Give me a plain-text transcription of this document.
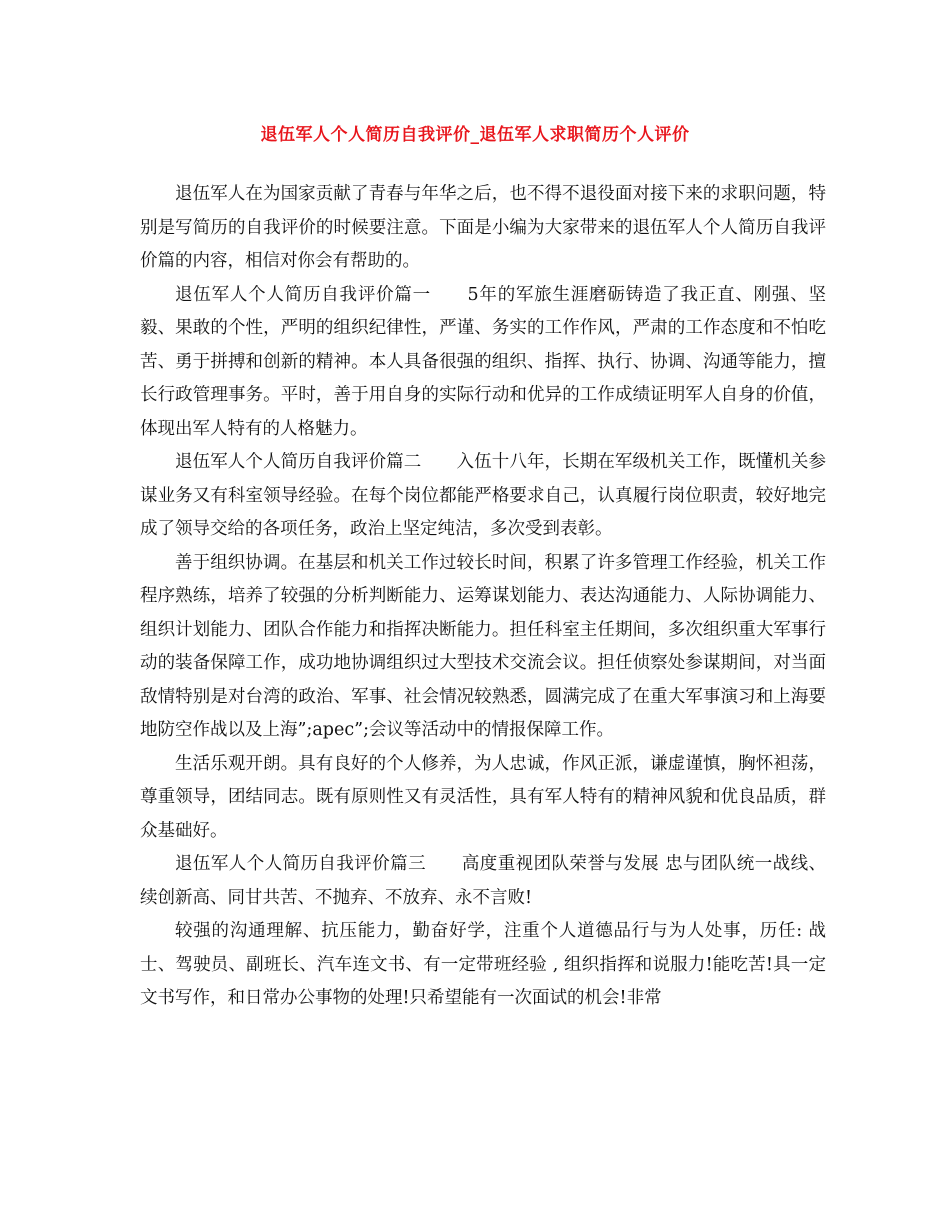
退伍军人个人简历自我评价_退伍军人求职简历个人评价

退伍军人在为国家贡献了青春与年华之后，也不得不退役面对接下来的求职问题，特别是写简历的自我评价的时候要注意。下面是小编为大家带来的退伍军人个人简历自我评价篇的内容，相信对你会有帮助的。

退伍军人个人简历自我评价篇一　　5年的军旅生涯磨砺铸造了我正直、刚强、坚毅、果敢的个性，严明的组织纪律性，严谨、务实的工作作风，严肃的工作态度和不怕吃苦、勇于拼搏和创新的精神。本人具备很强的组织、指挥、执行、协调、沟通等能力，擅长行政管理事务。平时，善于用自身的实际行动和优异的工作成绩证明军人自身的价值，体现出军人特有的人格魅力。

退伍军人个人简历自我评价篇二　　入伍十八年，长期在军级机关工作，既懂机关参谋业务又有科室领导经验。在每个岗位都能严格要求自己，认真履行岗位职责，较好地完成了领导交给的各项任务，政治上坚定纯洁，多次受到表彰。

善于组织协调。在基层和机关工作过较长时间，积累了许多管理工作经验，机关工作程序熟练，培养了较强的分析判断能力、运筹谋划能力、表达沟通能力、人际协调能力、组织计划能力、团队合作能力和指挥决断能力。担任科室主任期间，多次组织重大军事行动的装备保障工作，成功地协调组织过大型技术交流会议。担任侦察处参谋期间，对当面敌情特别是对台湾的政治、军事、社会情况较熟悉，圆满完成了在重大军事演习和上海要地防空作战以及上海”;apec”;会议等活动中的情报保障工作。

生活乐观开朗。具有良好的个人修养，为人忠诚，作风正派，谦虚谨慎，胸怀袒荡，尊重领导，团结同志。既有原则性又有灵活性，具有军人特有的精神风貌和优良品质，群众基础好。

退伍军人个人简历自我评价篇三　　高度重视团队荣誉与发展 忠与团队统一战线、续创新高、同甘共苦、不抛弃、不放弃、永不言败!

较强的沟通理解、抗压能力，勤奋好学，注重个人道德品行与为人处事，历任: 战士、驾驶员、副班长、汽车连文书、有一定带班经验 , 组织指挥和说服力!能吃苦!具一定文书写作，和日常办公事物的处理!只希望能有一次面试的机会!非常
